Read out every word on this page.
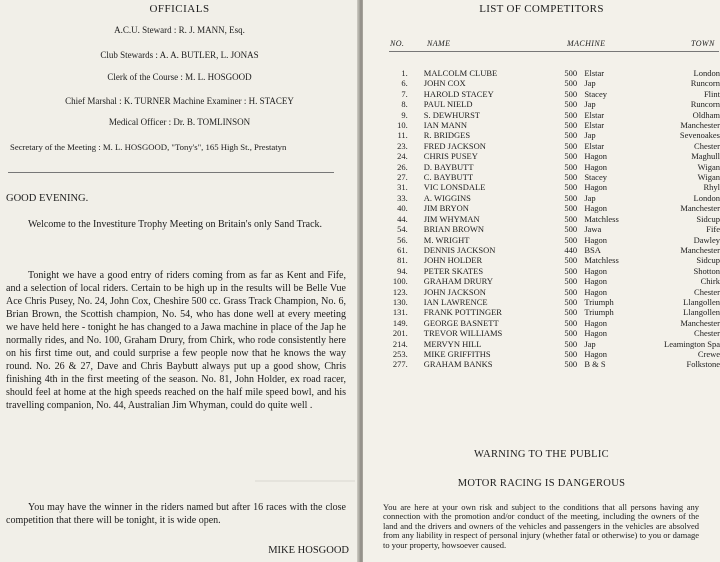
OFFICIALS
A.C.U. Steward : R. J. MANN, Esq.
Club Stewards : A. A. BUTLER, L. JONAS
Clerk of the Course : M. L. HOSGOOD
Chief Marshal : K. TURNER Machine Examiner : H. STACEY
Medical Officer : Dr. B. TOMLINSON
Secretary of the Meeting : M. L. HOSGOOD, "Tony's", 165 High St., Prestatyn
GOOD EVENING.
Welcome to the Investiture Trophy Meeting on Britain's only Sand Track.
Tonight we have a good entry of riders coming from as far as Kent and Fife, and a selection of local riders. Certain to be high up in the results will be Belle Vue Ace Chris Pusey, No. 24, John Cox, Cheshire 500 cc. Grass Track Champion, No. 6, Brian Brown, the Scottish champion, No. 54, who has done well at every meeting we have held here - tonight he has changed to a Jawa machine in place of the Jap he normally rides, and No. 100, Graham Drury, from Chirk, who rode consistently here on his first time out, and could surprise a few people now that he knows the way round. No. 26 & 27, Dave and Chris Baybutt always put up a good show, Chris finishing 4th in the first meeting of the season. No. 81, John Holder, ex road racer, should feel at home at the high speeds reached on the half mile speed bowl, and his travelling companion, No. 44, Australian Jim Whyman, could do quite well .
You may have the winner in the riders named but after 16 races with the close competition that there will be tonight, it is wide open.
MIKE HOSGOOD
LIST OF COMPETITORS
NO.	NAME	MACHINE	TOWN
1.	MALCOLM CLUBE	500	Elstar	London
6.	JOHN COX	500	Jap	Runcorn
7.	HAROLD STACEY	500	Stacey	Flint
8.	PAUL NIELD	500	Jap	Runcorn
9.	S. DEWHURST	500	Elstar	Oldham
10.	IAN MANN	500	Elstar	Manchester
11.	R. BRIDGES	500	Jap	Sevenoakes
23.	FRED JACKSON	500	Elstar	Chester
24.	CHRIS PUSEY	500	Hagon	Maghull
26.	D. BAYBUTT	500	Hagon	Wigan
27.	C. BAYBUTT	500	Stacey	Wigan
31.	VIC LONSDALE	500	Hagon	Rhyl
33.	A. WIGGINS	500	Jap	London
40.	JIM BRYON	500	Hagon	Manchester
44.	JIM WHYMAN	500	Matchless	Sidcup
54.	BRIAN BROWN	500	Jawa	Fife
56.	M. WRIGHT	500	Hagon	Dawley
61.	DENNIS JACKSON	440	BSA	Manchester
81.	JOHN HOLDER	500	Matchless	Sidcup
94.	PETER SKATES	500	Hagon	Shotton
100.	GRAHAM DRURY	500	Hagon	Chirk
123.	JOHN JACKSON	500	Hagon	Chester
130.	IAN LAWRENCE	500	Triumph	Llangollen
131.	FRANK POTTINGER	500	Triumph	Llangollen
149.	GEORGE BASNETT	500	Hagon	Manchester
201.	TREVOR WILLIAMS	500	Hagon	Chester
214.	MERVYN HILL	500	Jap	Leamington Spa
253.	MIKE GRIFFITHS	500	Hagon	Crewe
277.	GRAHAM BANKS	500	B & S	Folkstone
WARNING TO THE PUBLIC
MOTOR RACING IS DANGEROUS
You are here at your own risk and subject to the conditions that all persons having any connection with the promotion and/or conduct of the meeting, including the owners of the land and the drivers and owners of the vehicles and passengers in the vehicles are absolved from any liability in respect of personal injury (whether fatal or otherwise) to you or damage to your property, howsoever caused.
